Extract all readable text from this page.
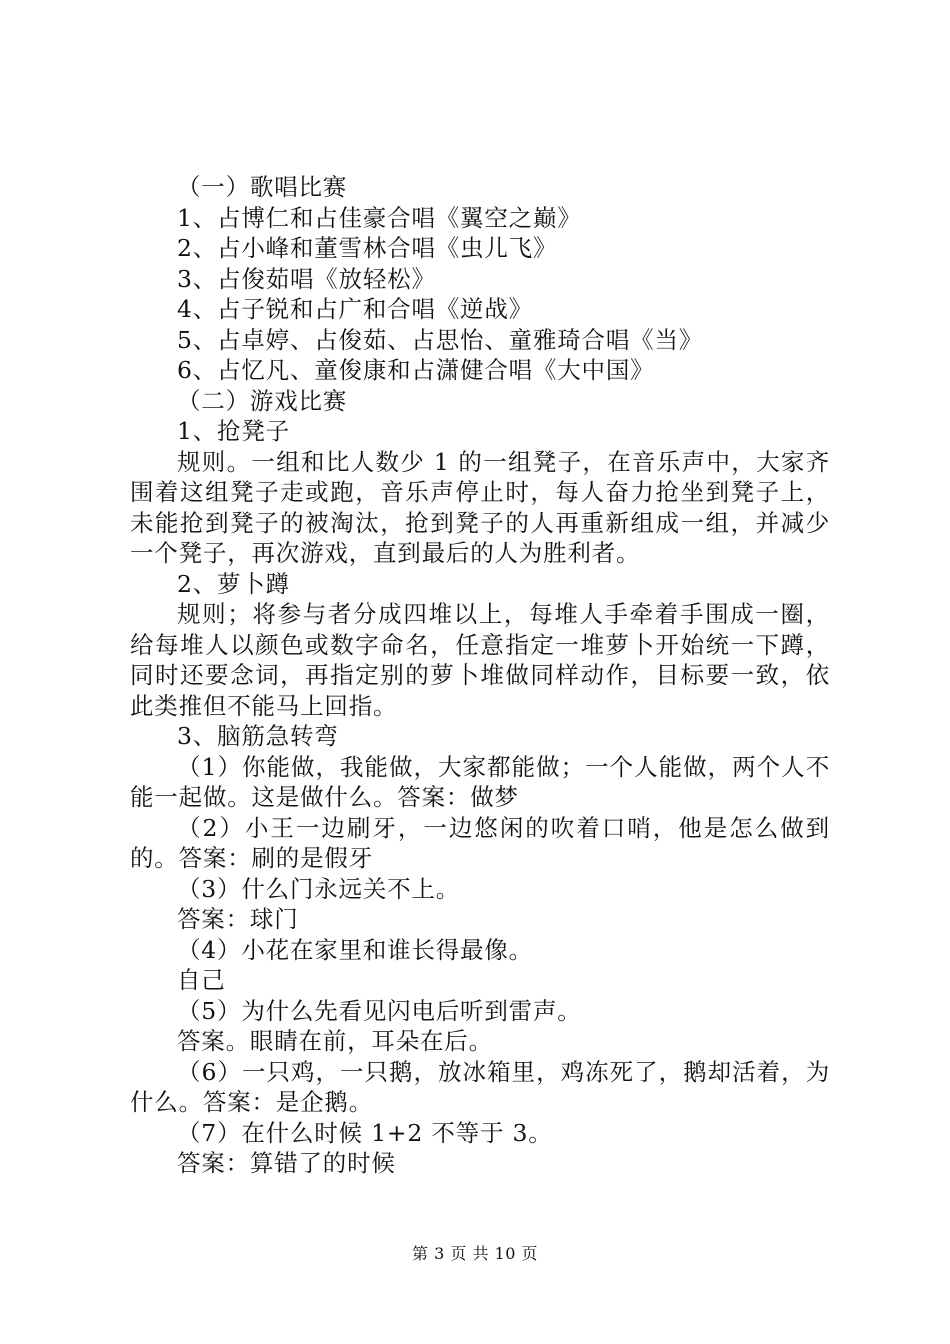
（一）歌唱比赛
1、占博仁和占佳豪合唱《翼空之巅》
2、占小峰和董雪林合唱《虫儿飞》
3、占俊茹唱《放轻松》
4、占子锐和占广和合唱《逆战》
5、占卓婷、占俊茹、占思怡、童雅琦合唱《当》
6、占忆凡、童俊康和占潇健合唱《大中国》
（二）游戏比赛
1、抢凳子

规则。一组和比人数少 1 的一组凳子，在音乐声中，大家齐围着这组凳子走或跑，音乐声停止时，每人奋力抢坐到凳子上，未能抢到凳子的被淘汰，抢到凳子的人再重新组成一组，并减少一个凳子，再次游戏，直到最后的人为胜利者。

2、萝卜蹲

规则；将参与者分成四堆以上，每堆人手牵着手围成一圈，给每堆人以颜色或数字命名，任意指定一堆萝卜开始统一下蹲，同时还要念词，再指定别的萝卜堆做同样动作，目标要一致，依此类推但不能马上回指。

3、脑筋急转弯

（1）你能做，我能做，大家都能做；一个人能做，两个人不能一起做。这是做什么。答案：做梦

（2）小王一边刷牙，一边悠闲的吹着口哨，他是怎么做到的。答案：刷的是假牙

（3）什么门永远关不上。
答案：球门
（4）小花在家里和谁长得最像。
自己
（5）为什么先看见闪电后听到雷声。
答案。眼睛在前，耳朵在后。

（6）一只鸡，一只鹅，放冰箱里，鸡冻死了，鹅却活着，为什么。答案：是企鹅。

（7）在什么时候 1+2 不等于 3。
答案：算错了的时候
第 3 页 共 10 页
